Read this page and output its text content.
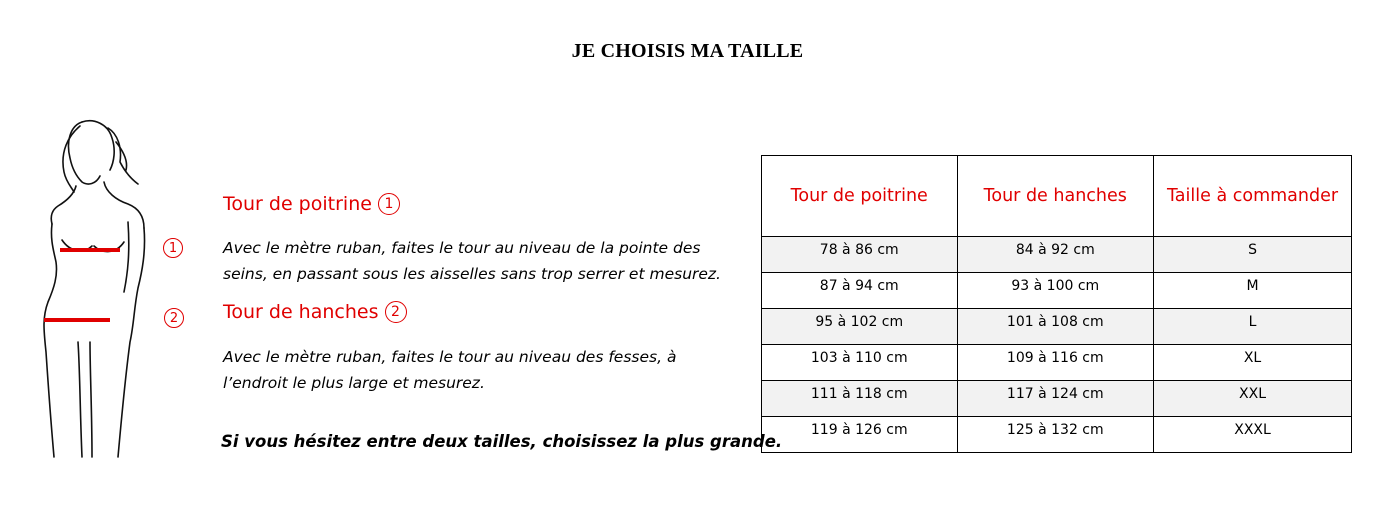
JE CHOISIS MA TAILLE
1
2
Tour de poitrine 1
Avec le mètre ruban, faites le tour au niveau de la pointe des seins, en passant sous les aisselles sans trop serrer et mesurez.
Tour de hanches 2
Avec le mètre ruban, faites le tour au niveau des fesses, à l’endroit le plus large et mesurez.
Si vous hésitez entre deux tailles, choisissez la plus grande.
Tour de poitrine	Tour de hanches	Taille à commander
78 à 86 cm	84 à 92 cm	S
87 à 94 cm	93 à 100 cm	M
95 à 102 cm	101 à 108 cm	L
103 à 110 cm	109 à 116 cm	XL
111 à 118 cm	117 à 124 cm	XXL
119 à 126 cm	125 à 132 cm	XXXL
